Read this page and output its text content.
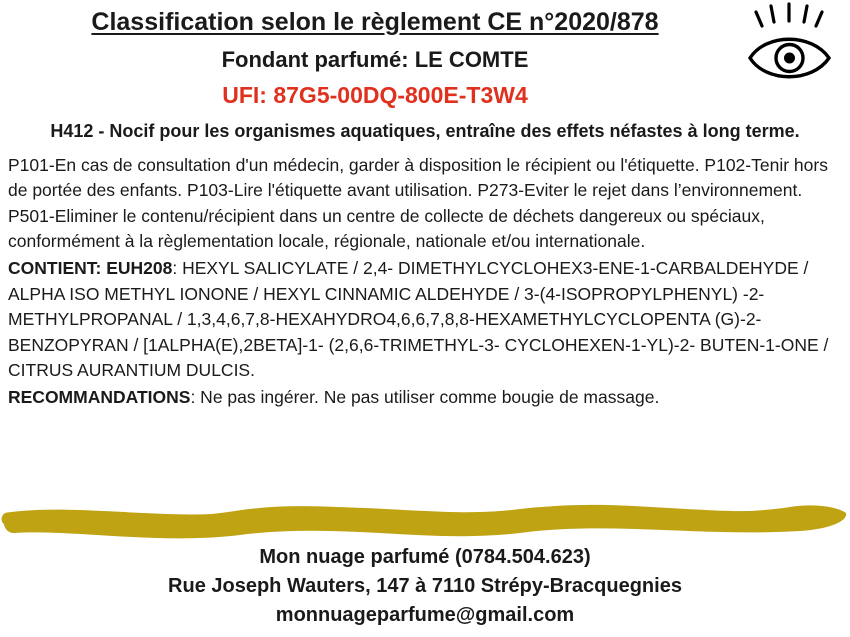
Classification selon le règlement CE n°2020/878
Fondant parfumé: LE COMTE
UFI: 87G5-00DQ-800E-T3W4
H412 - Nocif pour les organismes aquatiques, entraîne des effets néfastes à long terme.
P101-En cas de consultation d'un médecin, garder à disposition le récipient ou l'étiquette. P102-Tenir hors de portée des enfants. P103-Lire l'étiquette avant utilisation. P273-Eviter le rejet dans l’environnement. P501-Eliminer le contenu/récipient dans un centre de collecte de déchets dangereux ou spéciaux, conformément à la règlementation locale, régionale, nationale et/ou internationale.
CONTIENT: EUH208: HEXYL SALICYLATE / 2,4- DIMETHYLCYCLOHEX3-ENE-1-CARBALDEHYDE / ALPHA ISO METHYL IONONE / HEXYL CINNAMIC ALDEHYDE / 3-(4-ISOPROPYLPHENYL) -2-METHYLPROPANAL / 1,3,4,6,7,8-HEXAHYDRO4,6,6,7,8,8-HEXAMETHYLCYCLOPENTA (G)-2-BENZOPYRAN / [1ALPHA(E),2BETA]-1- (2,6,6-TRIMETHYL-3- CYCLOHEXEN-1-YL)-2- BUTEN-1-ONE / CITRUS AURANTIUM DULCIS.
RECOMMANDATIONS: Ne pas ingérer. Ne pas utiliser comme bougie de massage.
Mon nuage parfumé (0784.504.623)
Rue Joseph Wauters, 147 à 7110 Strépy-Bracquegnies
monnuageparfume@gmail.com
